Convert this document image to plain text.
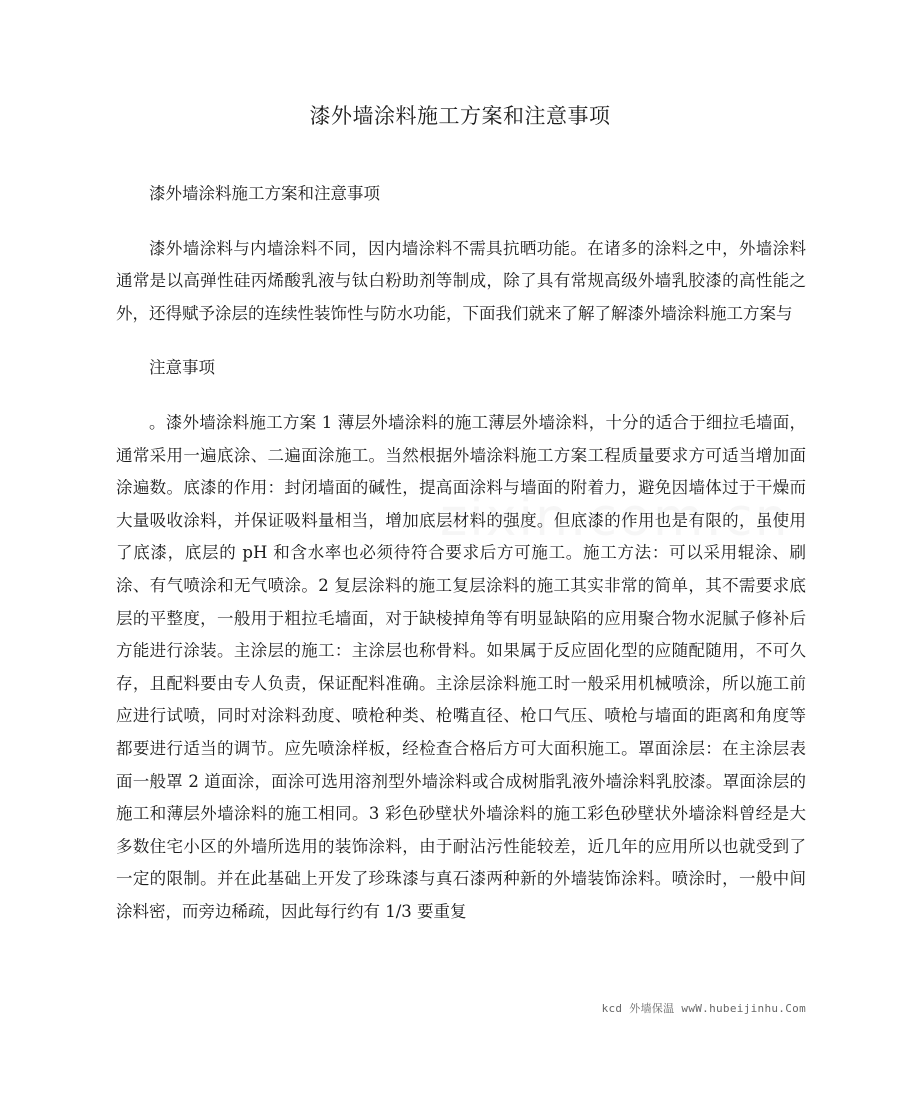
漆外墙涂料施工方案和注意事项

漆外墙涂料施工方案和注意事项

漆外墙涂料与内墙涂料不同，因内墙涂料不需具抗晒功能。在诸多的涂料之中，外墙涂料通常是以高弹性硅丙烯酸乳液与钛白粉助剂等制成，除了具有常规高级外墙乳胶漆的高性能之外，还得赋予涂层的连续性装饰性与防水功能，下面我们就来了解了解漆外墙涂料施工方案与

注意事项

。漆外墙涂料施工方案 1 薄层外墙涂料的施工薄层外墙涂料，十分的适合于细拉毛墙面，通常采用一遍底涂、二遍面涂施工。当然根据外墙涂料施工方案工程质量要求方可适当增加面涂遍数。底漆的作用：封闭墙面的碱性，提高面涂料与墙面的附着力，避免因墙体过于干燥而大量吸收涂料，并保证吸料量相当，增加底层材料的强度。但底漆的作用也是有限的，虽使用了底漆，底层的 pH 和含水率也必须待符合要求后方可施工。施工方法：可以采用辊涂、刷涂、有气喷涂和无气喷涂。2 复层涂料的施工复层涂料的施工其实非常的简单，其不需要求底层的平整度，一般用于粗拉毛墙面，对于缺棱掉角等有明显缺陷的应用聚合物水泥腻子修补后方能进行涂装。主涂层的施工：主涂层也称骨料。如果属于反应固化型的应随配随用，不可久存，且配料要由专人负责，保证配料准确。主涂层涂料施工时一般采用机械喷涂，所以施工前应进行试喷，同时对涂料劲度、喷枪种类、枪嘴直径、枪口气压、喷枪与墙面的距离和角度等都要进行适当的调节。应先喷涂样板，经检查合格后方可大面积施工。罩面涂层：在主涂层表面一般罩 2 道面涂，面涂可选用溶剂型外墙涂料或合成树脂乳液外墙涂料乳胶漆。罩面涂层的施工和薄层外墙涂料的施工相同。3 彩色砂壁状外墙涂料的施工彩色砂壁状外墙涂料曾经是大多数住宅小区的外墙所选用的装饰涂料，由于耐沾污性能较差，近几年的应用所以也就受到了一定的限制。并在此基础上开发了珍珠漆与真石漆两种新的外墙装饰涂料。喷涂时，一般中间涂料密，而旁边稀疏，因此每行约有 1/3 要重复

kcd 外墙保温 wwW.hubeijinhu.Com
